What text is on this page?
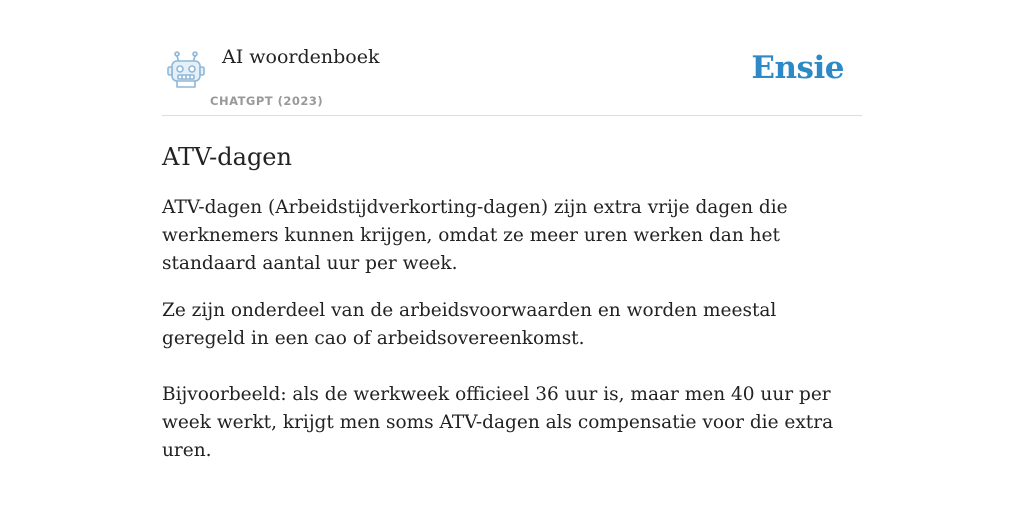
AI woordenboek
CHATGPT (2023)
Ensie
ATV-dagen

ATV-dagen (Arbeidstijdverkorting-dagen) zijn extra vrije dagen die werknemers kunnen krijgen, omdat ze meer uren werken dan het standaard aantal uur per week.

Ze zijn onderdeel van de arbeidsvoorwaarden en worden meestal geregeld in een cao of arbeidsovereenkomst.

Bijvoorbeeld: als de werkweek officieel 36 uur is, maar men 40 uur per week werkt, krijgt men soms ATV-dagen als compensatie voor die extra uren.
